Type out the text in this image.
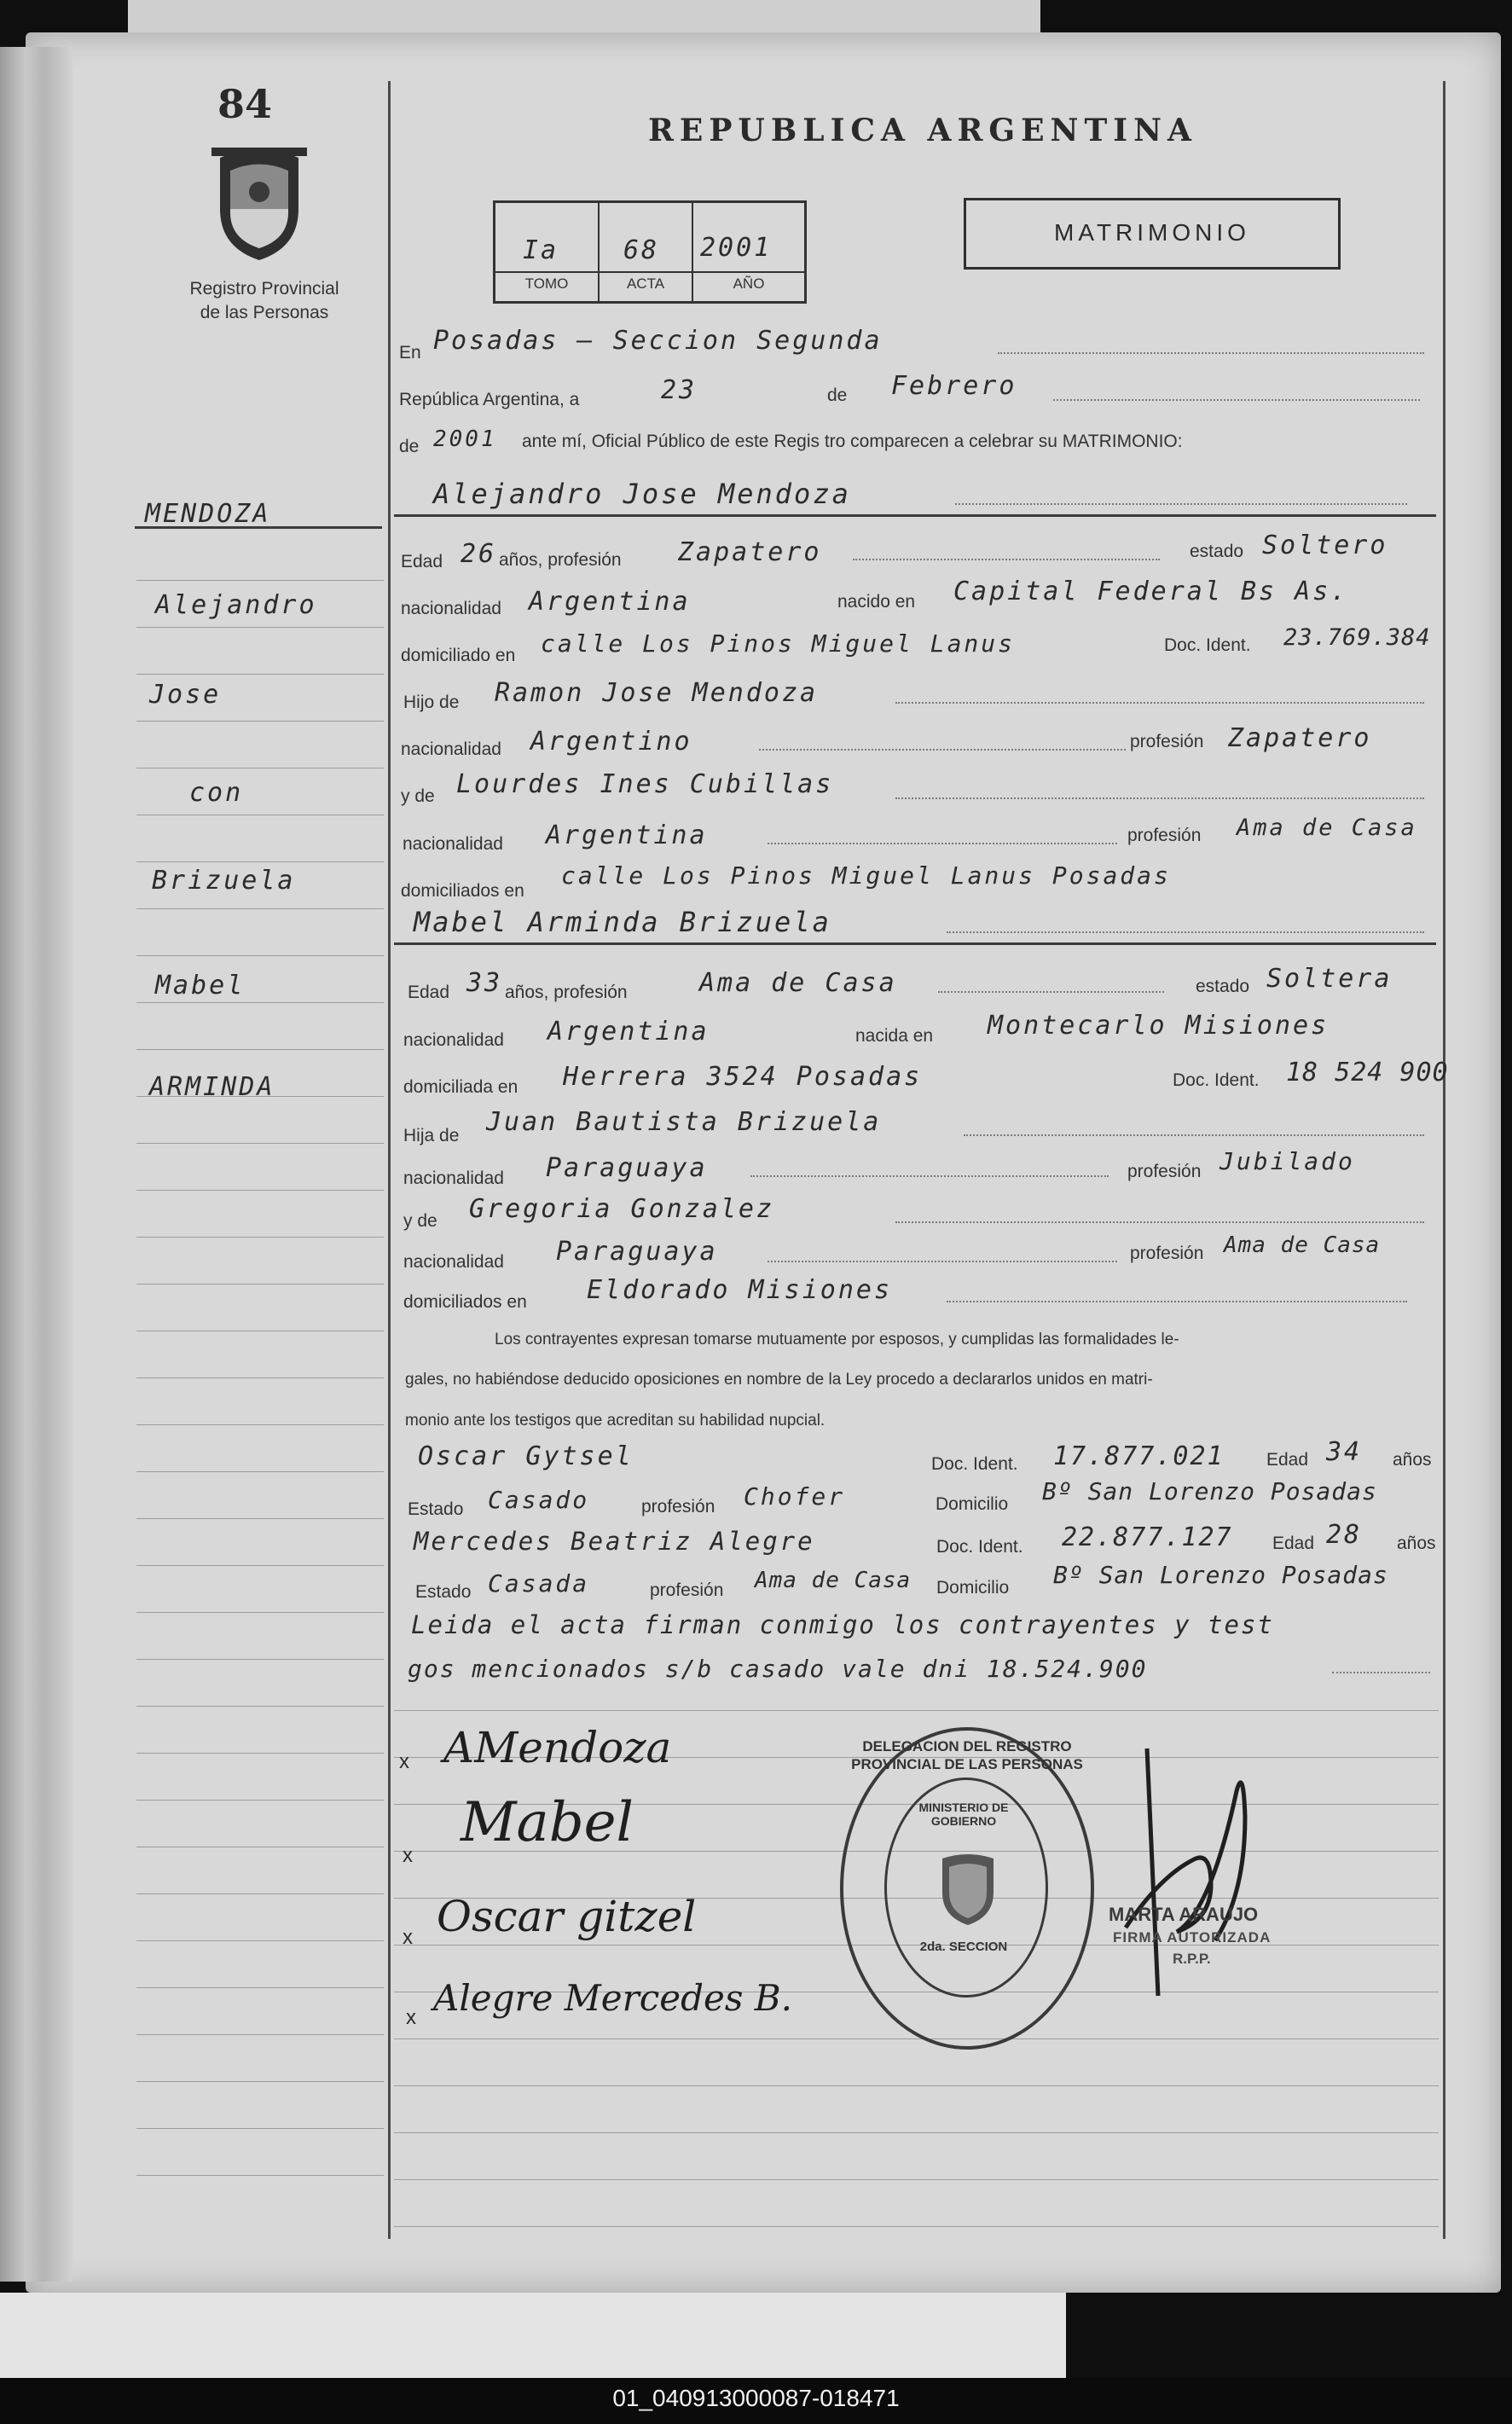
84
Registro Provincial
de las Personas
MENDOZA
Alejandro
Jose
con
Brizuela
Mabel
ARMINDA
REPUBLICA ARGENTINA
Ia	68 2001
TOMO	ACTA	AÑO
MATRIMONIO
En Posadas – Seccion Segunda
República Argentina, a	23	de Febrero
de 2001 ante mí, Oficial Público de este Regis tro comparecen a celebrar su MATRIMONIO:
Alejandro Jose Mendoza
Edad 26 años, profesión Zapatero	estado Soltero
nacionalidad Argentina	nacido en Capital Federal Bs As.
domiciliado en calle Los Pinos Miguel Lanus	Doc. Ident. 23.769.384
Hijo de Ramon Jose Mendoza
nacionalidad Argentino	profesión Zapatero
y de Lourdes Ines Cubillas
nacionalidad Argentina	profesión Ama de Casa
domiciliados en
calle Los Pinos Miguel Lanus Posadas
Mabel Arminda Brizuela
Edad 33 años, profesión	Ama de Casa	estado Soltera
nacionalidad Argentina	nacida en Montecarlo Misiones
domiciliada en Herrera 3524 Posadas	Doc. Ident. 18 524 900
Hija de Juan Bautista Brizuela
nacionalidad Paraguaya	profesión Jubilado
y de Gregoria Gonzalez
nacionalidad Paraguaya	profesión Ama de Casa
domiciliados en Eldorado Misiones
Los contrayentes expresan tomarse mutuamente por esposos, y cumplidas las formalidades le-
gales, no habiéndose deducido oposiciones en nombre de la Ley procedo a declararlos unidos en matri-
monio ante los testigos que acreditan su habilidad nupcial.
Oscar Gytsel	Doc. Ident. 17.877.021 Edad 34 años
Estado Casado	profesión Chofer	Domicilio Bº San Lorenzo Posadas
Mercedes Beatriz Alegre	Doc. Ident. 22.877.127 Edad 28 años
Estado Casada	profesión Ama de Casa Domicilio Bº San Lorenzo Posadas
Leida el acta firman conmigo los contrayentes y test
gos mencionados s/b casado vale dni 18.524.900
x AMendoza
x
Mabel
x Oscar gitzel
x Alegre Mercedes B.
DELEGACION DEL REGISTRO PROVINCIAL DE LAS PERSONAS
MINISTERIO DE GOBIERNO
2da. SECCION
MARTA ARAUJO
FIRMA AUTORIZADA
R.P.P.
01_040913000087-018471
